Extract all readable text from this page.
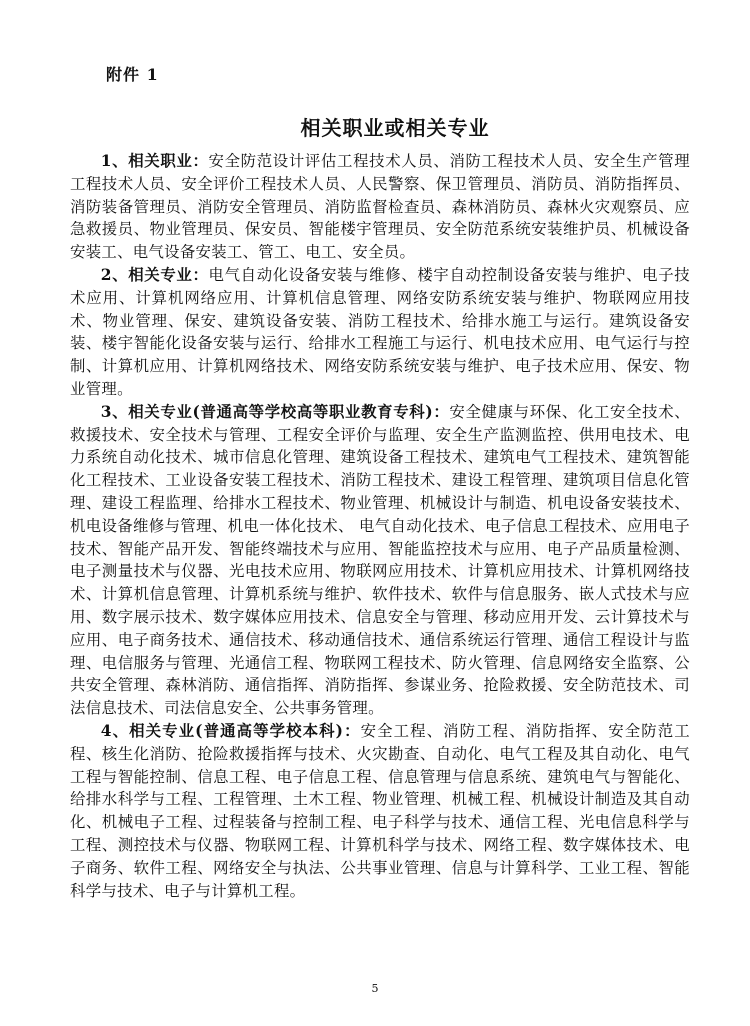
附件 1

相关职业或相关专业

1、相关职业：安全防范设计评估工程技术人员、消防工程技术人员、安全生产管理工程技术人员、安全评价工程技术人员、人民警察、保卫管理员、消防员、消防指挥员、消防装备管理员、消防安全管理员、消防监督检查员、森林消防员、森林火灾观察员、应急救援员、物业管理员、保安员、智能楼宇管理员、安全防范系统安装维护员、机械设备安装工、电气设备安装工、管工、电工、安全员。

2、相关专业：电气自动化设备安装与维修、楼宇自动控制设备安装与维护、电子技术应用、计算机网络应用、计算机信息管理、网络安防系统安装与维护、物联网应用技术、物业管理、保安、建筑设备安装、消防工程技术、给排水施工与运行。建筑设备安装、楼宇智能化设备安装与运行、给排水工程施工与运行、机电技术应用、电气运行与控制、计算机应用、计算机网络技术、网络安防系统安装与维护、电子技术应用、保安、物业管理。

3、相关专业(普通高等学校高等职业教育专科)：安全健康与环保、化工安全技术、救援技术、安全技术与管理、工程安全评价与监理、安全生产监测监控、供用电技术、电力系统自动化技术、城市信息化管理、建筑设备工程技术、建筑电气工程技术、建筑智能化工程技术、工业设备安装工程技术、消防工程技术、建设工程管理、建筑项目信息化管理、建设工程监理、给排水工程技术、物业管理、机械设计与制造、机电设备安装技术、机电设备维修与管理、机电一体化技术、 电气自动化技术、电子信息工程技术、应用电子技术、智能产品开发、智能终端技术与应用、智能监控技术与应用、电子产品质量检测、电子测量技术与仪器、光电技术应用、物联网应用技术、计算机应用技术、计算机网络技术、计算机信息管理、计算机系统与维护、软件技术、软件与信息服务、嵌人式技术与应用、数字展示技术、数字媒体应用技术、信息安全与管理、移动应用开发、云计算技术与应用、电子商务技术、通信技术、移动通信技术、通信系统运行管理、通信工程设计与监理、电信服务与管理、光通信工程、物联网工程技术、防火管理、信息网络安全监察、公共安全管理、森林消防、通信指挥、消防指挥、参谋业务、抢险救援、安全防范技术、司法信息技术、司法信息安全、公共事务管理。

4、相关专业(普通高等学校本科)：安全工程、消防工程、消防指挥、安全防范工程、核生化消防、抢险救援指挥与技术、火灾勘查、自动化、电气工程及其自动化、电气工程与智能控制、信息工程、电子信息工程、信息管理与信息系统、建筑电气与智能化、给排水科学与工程、工程管理、土木工程、物业管理、机械工程、机械设计制造及其自动化、机械电子工程、过程装备与控制工程、电子科学与技术、通信工程、光电信息科学与工程、测控技术与仪器、物联网工程、计算机科学与技术、网络工程、数字媒体技术、电子商务、软件工程、网络安全与执法、公共事业管理、信息与计算科学、工业工程、智能科学与技术、电子与计算机工程。

5
